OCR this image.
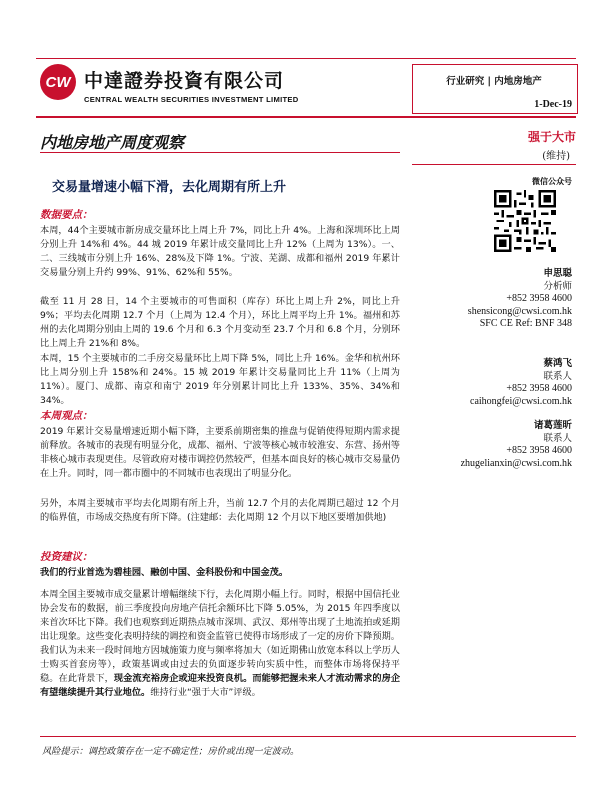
CW 中達證券投資有限公司
CENTRAL WEALTH SECURITIES INVESTMENT LIMITED
行业研究 | 内地房地产
1-Dec-19
内地房地产周度观察
交易量增速小幅下滑，去化周期有所上升
强于大市
(维持)
微信公众号
申思聪
分析师
+852 3958 4600
shensicong@cwsi.com.hk
SFC CE Ref: BNF 348
蔡鸿飞
联系人
+852 3958 4600
caihongfei@cwsi.com.hk
诸葛莲昕
联系人
+852 3958 4600
zhugelianxin@cwsi.com.hk
数据要点：
本周，44个主要城市新房成交量环比上周上升 7%，同比上升 4%。上海和深圳环比上周分别上升 14%和 4%。44 城 2019 年累计成交量同比上升 12%（上周为 13%）。一、二、三线城市分别上升 16%、28%及下降 1%。宁波、芜湖、成都和福州 2019 年累计交易量分别上升约 99%、91%、62%和 55%。
截至 11 月 28 日，14 个主要城市的可售面积（库存）环比上周上升 2%，同比上升 9%；平均去化周期 12.7 个月（上周为 12.4 个月），环比上周平均上升 1%。福州和苏州的去化周期分别由上周的 19.6 个月和 6.3 个月变动至 23.7 个月和 6.8 个月，分别环比上周上升 21%和 8%。
本周，15 个主要城市的二手房交易量环比上周下降 5%，同比上升 16%。金华和杭州环比上周分别上升 158%和 24%。15 城 2019 年累计交易量同比上升 11%（上周为 11%）。厦门、成都、南京和南宁 2019 年分别累计同比上升 133%、35%、34%和 34%。
本周观点：
2019 年累计交易量增速近期小幅下降，主要系前期密集的推盘与促销使得短期内需求提前释放。各城市的表现有明显分化，成都、福州、宁波等核心城市较淮安、东营、扬州等非核心城市表现更佳。尽管政府对楼市调控仍然较严，但基本面良好的核心城市交易量仍在上升。同时，同一都市圈中的不同城市也表现出了明显分化。
另外，本周主要城市平均去化周期有所上升，当前 12.7 个月的去化周期已超过 12 个月的临界值，市场成交热度有所下降。(注建邮：去化周期 12 个月以下地区要增加供地)
投资建议：
我们的行业首选为碧桂园、融创中国、金科股份和中国金茂。
本周全国主要城市成交量累计增幅继续下行，去化周期小幅上行。同时，根据中国信托业协会发布的数据，前三季度投向房地产信托余额环比下降 5.05%，为 2015 年四季度以来首次环比下降。我们也观察到近期热点城市深圳、武汉、郑州等出现了土地流拍或延期出让现象。这些变化表明持续的调控和资金监管已使得市场形成了一定的房价下降预期。我们认为未来一段时间地方因城施策力度与频率将加大（如近期佛山放宽本科以上学历人士购买首套房等），政策基调或由过去的负面逐步转向实质中性，而整体市场将保持平稳。在此背景下，现金流充裕房企或迎来投资良机。而能够把握未来人才流动需求的房企有望继续提升其行业地位。维持行业“强于大市”评级。
风险提示：调控政策存在一定不确定性；房价或出现一定波动。
